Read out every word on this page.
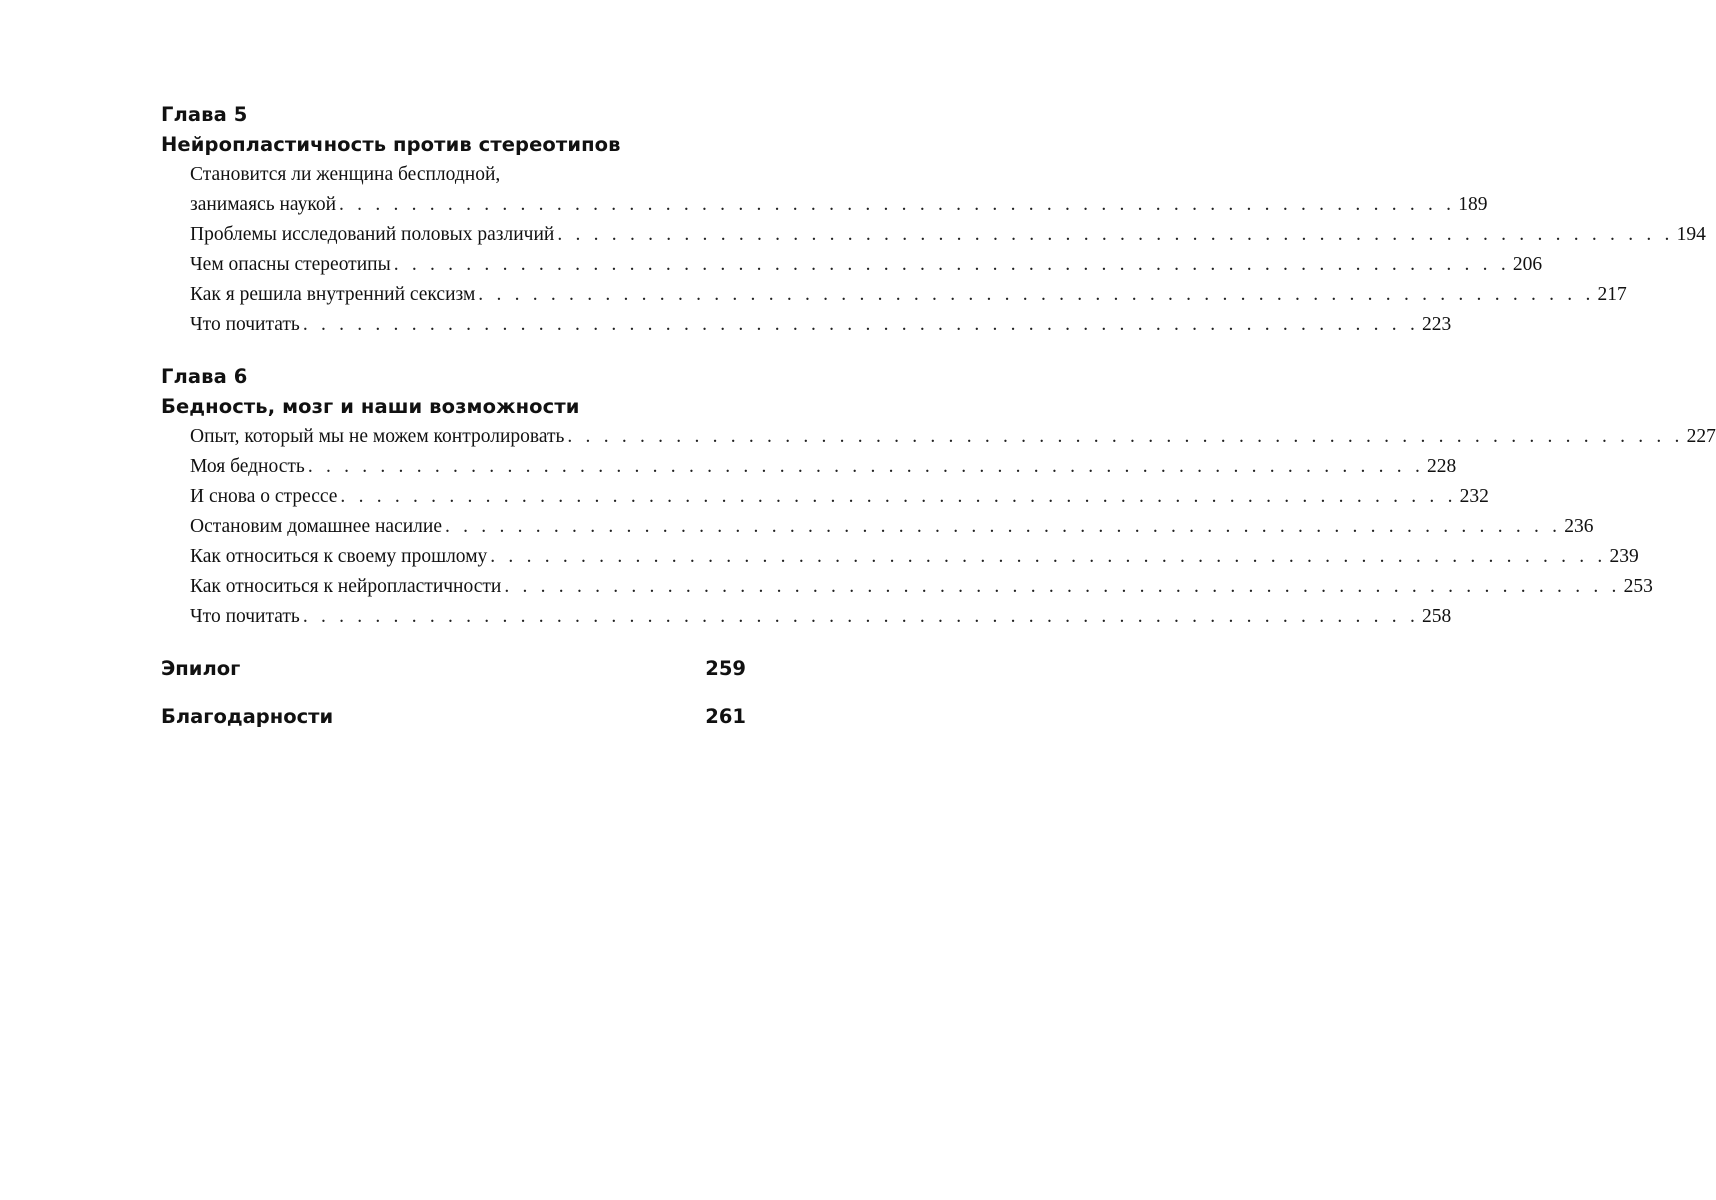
Глава 5
Нейропластичность против стереотипов
Становится ли женщина бесплодной,
занимаясь наукой . . . . . . . . . . . . . . . . . . . . . . . . . . . . . . . . . . . . . . . . . . . . . . . . . . . . . . . . . . . . . . 189
Проблемы исследований половых различий . . . . . . . . . . . . . . . . . . . . . . . . . . . . . . . . . . . . . . . . . . . . . . . . . . . . . . . . . . . . . . 194
Чем опасны стереотипы . . . . . . . . . . . . . . . . . . . . . . . . . . . . . . . . . . . . . . . . . . . . . . . . . . . . . . . . . . . . . . 206
Как я решила внутренний сексизм . . . . . . . . . . . . . . . . . . . . . . . . . . . . . . . . . . . . . . . . . . . . . . . . . . . . . . . . . . . . . . 217
Что почитать . . . . . . . . . . . . . . . . . . . . . . . . . . . . . . . . . . . . . . . . . . . . . . . . . . . . . . . . . . . . . . 223
Глава 6
Бедность, мозг и наши возможности
Опыт, который мы не можем контролировать . . . . . . . . . . . . . . . . . . . . . . . . . . . . . . . . . . . . . . . . . . . . . . . . . . . . . . . . . . . . . . 227
Моя бедность . . . . . . . . . . . . . . . . . . . . . . . . . . . . . . . . . . . . . . . . . . . . . . . . . . . . . . . . . . . . . . 228
И снова о стрессе . . . . . . . . . . . . . . . . . . . . . . . . . . . . . . . . . . . . . . . . . . . . . . . . . . . . . . . . . . . . . . 232
Остановим домашнее насилие . . . . . . . . . . . . . . . . . . . . . . . . . . . . . . . . . . . . . . . . . . . . . . . . . . . . . . . . . . . . . . 236
Как относиться к своему прошлому . . . . . . . . . . . . . . . . . . . . . . . . . . . . . . . . . . . . . . . . . . . . . . . . . . . . . . . . . . . . . . 239
Как относиться к нейропластичности . . . . . . . . . . . . . . . . . . . . . . . . . . . . . . . . . . . . . . . . . . . . . . . . . . . . . . . . . . . . . . 253
Что почитать . . . . . . . . . . . . . . . . . . . . . . . . . . . . . . . . . . . . . . . . . . . . . . . . . . . . . . . . . . . . . . 258
Эпилог	259
Благодарности	261
